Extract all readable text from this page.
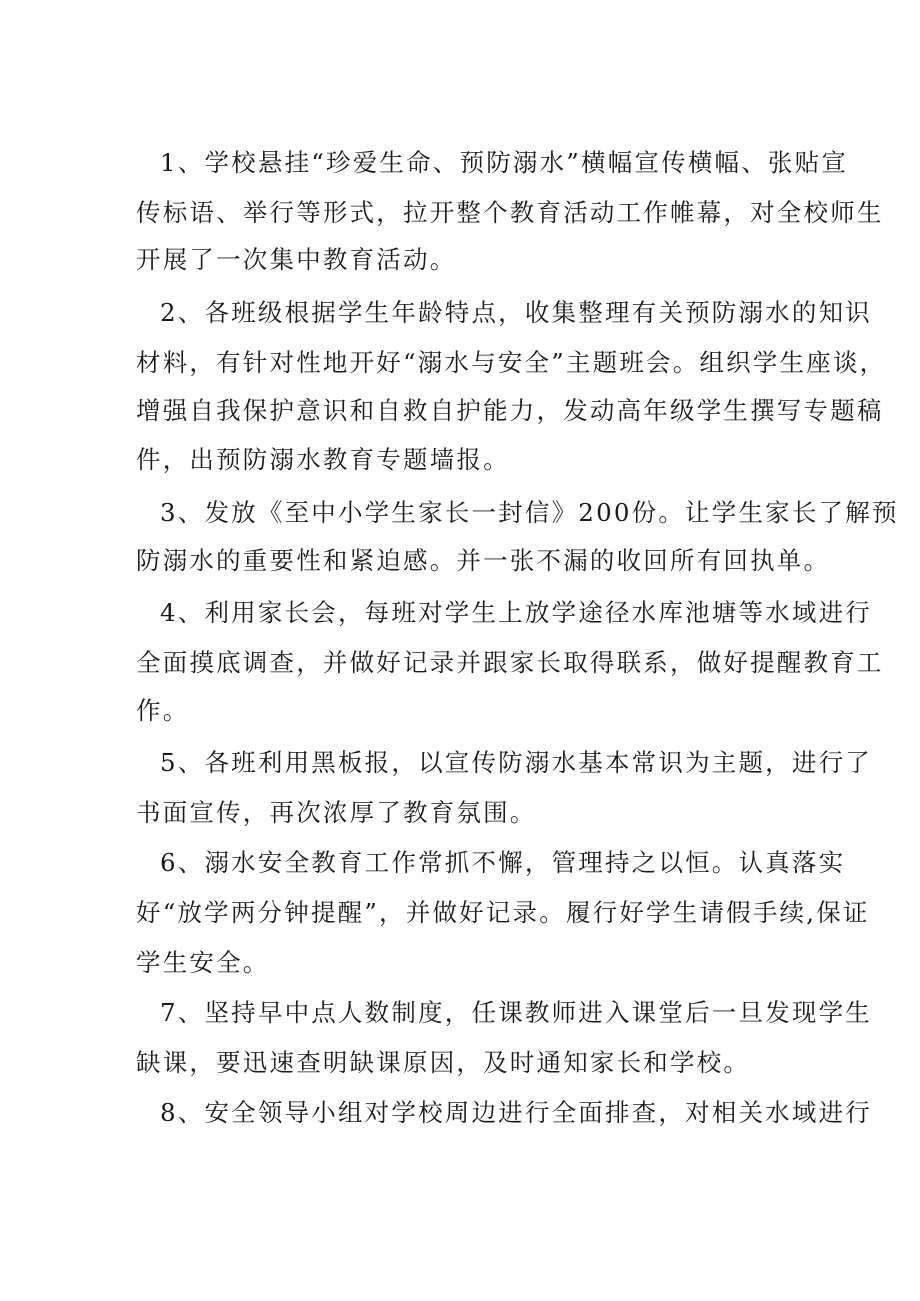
1、学校悬挂“珍爱生命、预防溺水”横幅宣传横幅、张贴宣
传标语、举行等形式，拉开整个教育活动工作帷幕，对全校师生
开展了一次集中教育活动。
2、各班级根据学生年龄特点，收集整理有关预防溺水的知识
材料，有针对性地开好“溺水与安全”主题班会。组织学生座谈，
增强自我保护意识和自救自护能力，发动高年级学生撰写专题稿
件，出预防溺水教育专题墙报。
3、发放《至中小学生家长一封信》200份。让学生家长了解预
防溺水的重要性和紧迫感。并一张不漏的收回所有回执单。
4、利用家长会，每班对学生上放学途径水库池塘等水域进行
全面摸底调查，并做好记录并跟家长取得联系，做好提醒教育工
作。
5、各班利用黑板报，以宣传防溺水基本常识为主题，进行了
书面宣传，再次浓厚了教育氛围。
6、溺水安全教育工作常抓不懈，管理持之以恒。认真落实
好“放学两分钟提醒”，并做好记录。履行好学生请假手续,保证
学生安全。
7、坚持早中点人数制度，任课教师进入课堂后一旦发现学生
缺课，要迅速查明缺课原因，及时通知家长和学校。
8、安全领导小组对学校周边进行全面排查，对相关水域进行
